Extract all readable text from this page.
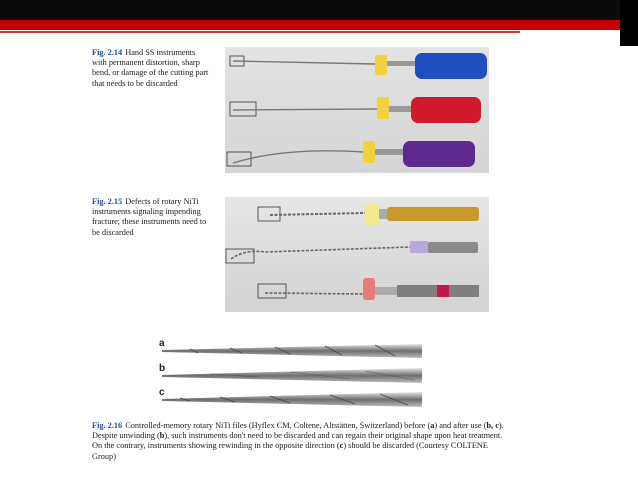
Fig. 2.14 Hand SS instruments with permanent distortion, sharp bend, or damage of the cutting part that needs to be discarded
Fig. 2.15 Defects of rotary NiTi instruments signaling impending fracture; these instruments need to be discarded
a
b
c
Fig. 2.16 Controlled-memory rotary NiTi files (Hyflex CM, Coltene, Altstätten, Switzerland) before (a) and after use (b, c). Despite unwinding (b), such instruments don't need to be discarded and can regain their original shape upon heat treatment. On the contrary, instruments showing rewinding in the opposite direction (c) should be discarded (Courtesy COLTENE Group)
